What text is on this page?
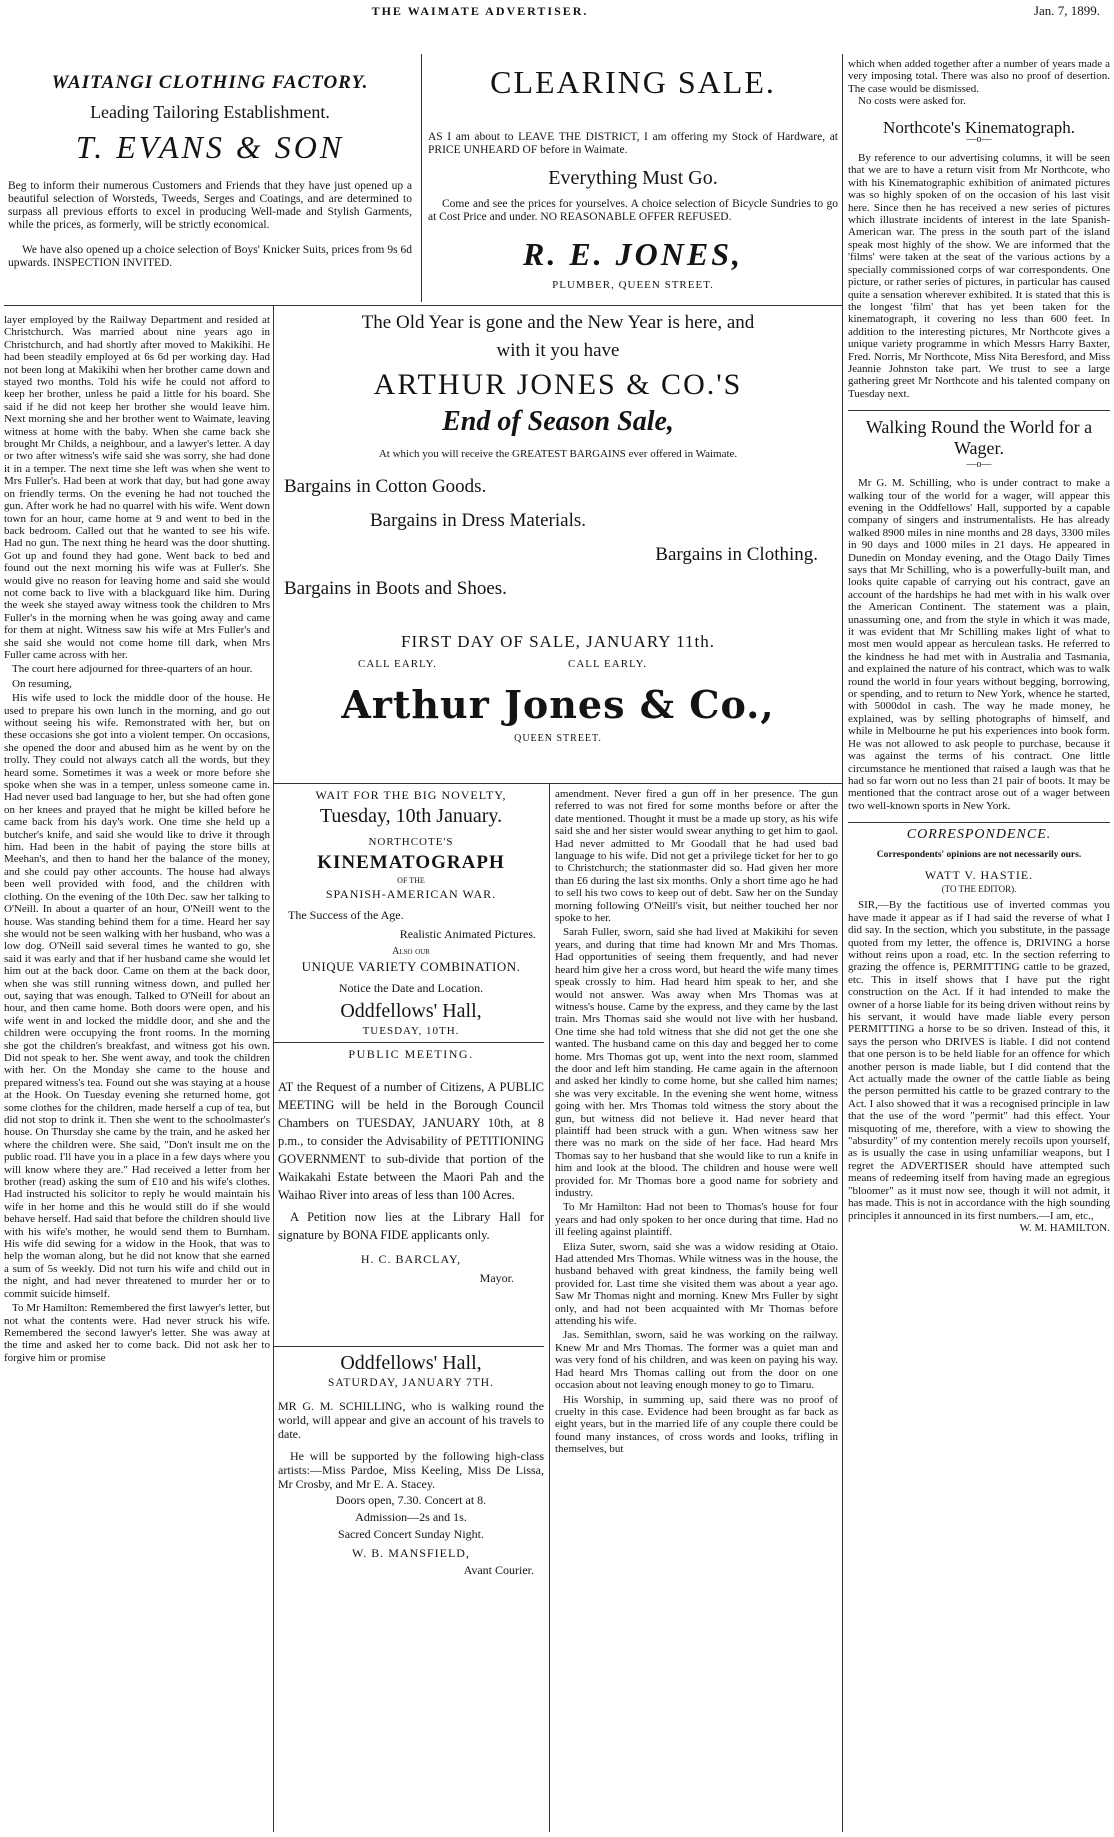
THE WAIMATE ADVERTISER.	Jan. 7, 1899.
WAITANGI CLOTHING FACTORY.
Leading Tailoring Establishment.
T. EVANS & SON
Beg to inform their numerous Customers and Friends that they have just opened up a beautiful selection of Worsteds, Tweeds, Serges and Coatings, and are determined to surpass all previous efforts to excel in producing Well-made and Stylish Garments, while the prices, as formerly, will be strictly economical.
We have also opened up a choice selection of Boys' Knicker Suits, prices from 9s 6d upwards. INSPECTION INVITED.
CLEARING SALE.
AS I am about to LEAVE THE DISTRICT, I am offering my Stock of Hardware, at PRICE UNHEARD OF before in Waimate.
Everything Must Go.
Come and see the prices for yourselves. A choice selection of Bicycle Sundries to go at Cost Price and under. NO REASONABLE OFFER REFUSED.
R. E. JONES,
PLUMBER, QUEEN STREET.
which when added together after a number of years made a very imposing total. There was also no proof of desertion. The case would be dismissed.
No costs were asked for.
Northcote's Kinematograph.
—o—
By reference to our advertising columns, it will be seen that we are to have a return visit from Mr Northcote, who with his Kinematographic exhibition of animated pictures was so highly spoken of on the occasion of his last visit here. Since then he has received a new series of pictures which illustrate incidents of interest in the late Spanish-American war. The press in the south part of the island speak most highly of the show. We are informed that the 'films' were taken at the seat of the various actions by a specially commissioned corps of war correspondents. One picture, or rather series of pictures, in particular has caused quite a sensation wherever exhibited. It is stated that this is the longest 'film' that has yet been taken for the kinematograph, it covering no less than 600 feet. In addition to the interesting pictures, Mr Northcote gives a unique variety programme in which Messrs Harry Baxter, Fred. Norris, Mr Northcote, Miss Nita Beresford, and Miss Jeannie Johnston take part. We trust to see a large gathering greet Mr Northcote and his talented company on Tuesday next.
Walking Round the World for a Wager.
—o—
Mr G. M. Schilling, who is under contract to make a walking tour of the world for a wager, will appear this evening in the Oddfellows' Hall, supported by a capable company of singers and instrumentalists. He has already walked 8900 miles in nine months and 28 days, 3300 miles in 90 days and 1000 miles in 21 days. He appeared in Dunedin on Monday evening, and the Otago Daily Times says that Mr Schilling, who is a powerfully-built man, and looks quite capable of carrying out his contract, gave an account of the hardships he had met with in his walk over the American Continent. The statement was a plain, unassuming one, and from the style in which it was made, it was evident that Mr Schilling makes light of what to most men would appear as herculean tasks. He referred to the kindness he had met with in Australia and Tasmania, and explained the nature of his contract, which was to walk round the world in four years without begging, borrowing, or spending, and to return to New York, whence he started, with 5000dol in cash. The way he made money, he explained, was by selling photographs of himself, and while in Melbourne he put his experiences into book form. He was not allowed to ask people to purchase, because it was against the terms of his contract. One little circumstance he mentioned that raised a laugh was that he had so far worn out no less than 21 pair of boots. It may be mentioned that the contract arose out of a wager between two well-known sports in New York.
CORRESPONDENCE.
Correspondents' opinions are not necessarily ours.
WATT V. HASTIE.
(TO THE EDITOR).
SIR,—By the factitious use of inverted commas you have made it appear as if I had said the reverse of what I did say. In the section, which you substitute, in the passage quoted from my letter, the offence is, DRIVING a horse without reins upon a road, etc. In the section referring to grazing the offence is, PERMITTING cattle to be grazed, etc. This in itself shows that I have put the right construction on the Act. If it had intended to make the owner of a horse liable for its being driven without reins by his servant, it would have made liable every person PERMITTING a horse to be so driven. Instead of this, it says the person who DRIVES is liable. I did not contend that one person is to be held liable for an offence for which another person is made liable, but I did contend that the Act actually made the owner of the cattle liable as being the person permitted his cattle to be grazed contrary to the Act. I also showed that it was a recognised principle in law that the use of the word "permit" had this effect. Your misquoting of me, therefore, with a view to showing the "absurdity" of my contention merely recoils upon yourself, as is usually the case in using unfamiliar weapons, but I regret the ADVERTISER should have attempted such means of redeeming itself from having made an egregious "bloomer" as it must now see, though it will not admit, it has made. This is not in accordance with the high sounding principles it announced in its first numbers.—I am, etc.,
W. M. HAMILTON.

layer employed by the Railway Department and resided at Christchurch. Was married about nine years ago in Christchurch, and had shortly after moved to Makikihi. He had been steadily employed at 6s 6d per working day. Had not been long at Makikihi when her brother came down and stayed two months. Told his wife he could not afford to keep her brother, unless he paid a little for his board. She said if he did not keep her brother she would leave him. Next morning she and her brother went to Waimate, leaving witness at home with the baby. When she came back she brought Mr Childs, a neighbour, and a lawyer's letter. A day or two after witness's wife said she was sorry, she had done it in a temper. The next time she left was when she went to Mrs Fuller's. Had been at work that day, but had gone away on friendly terms. On the evening he had not touched the gun. After work he had no quarrel with his wife. Went down town for an hour, came home at 9 and went to bed in the back bedroom. Called out that he wanted to see his wife. Had no gun. The next thing he heard was the door shutting. Got up and found they had gone. Went back to bed and found out the next morning his wife was at Fuller's. She would give no reason for leaving home and said she would not come back to live with a blackguard like him. During the week she stayed away witness took the children to Mrs Fuller's in the morning when he was going away and came for them at night. Witness saw his wife at Mrs Fuller's and she said she would not come home till dark, when Mrs Fuller came across with her.

The court here adjourned for three-quarters of an hour.

On resuming,

His wife used to lock the middle door of the house. He used to prepare his own lunch in the morning, and go out without seeing his wife. Remonstrated with her, but on these occasions she got into a violent temper. On occasions, she opened the door and abused him as he went by on the trolly. They could not always catch all the words, but they heard some. Sometimes it was a week or more before she spoke when she was in a temper, unless someone came in. Had never used bad language to her, but she had often gone on her knees and prayed that he might be killed before he came back from his day's work. One time she held up a butcher's knife, and said she would like to drive it through him. Had been in the habit of paying the store bills at Meehan's, and then to hand her the balance of the money, and she could pay other accounts. The house had always been well provided with food, and the children with clothing. On the evening of the 10th Dec. saw her talking to O'Neill. In about a quarter of an hour, O'Neill went to the house. Was standing behind them for a time. Heard her say she would not be seen walking with her husband, who was a low dog. O'Neill said several times he wanted to go, she said it was early and that if her husband came she would let him out at the back door. Came on them at the back door, when she was still running witness down, and pulled her out, saying that was enough. Talked to O'Neill for about an hour, and then came home. Both doors were open, and his wife went in and locked the middle door, and she and the children were occupying the front rooms. In the morning she got the children's breakfast, and witness got his own. Did not speak to her. She went away, and took the children with her. On the Monday she came to the house and prepared witness's tea. Found out she was staying at a house at the Hook. On Tuesday evening she returned home, got some clothes for the children, made herself a cup of tea, but did not stop to drink it. Then she went to the schoolmaster's house. On Thursday she came by the train, and he asked her where the children were. She said, "Don't insult me on the public road. I'll have you in a place in a few days where you will know where they are." Had received a letter from her brother (read) asking the sum of £10 and his wife's clothes. Had instructed his solicitor to reply he would maintain his wife in her home and this he would still do if she would behave herself. Had said that before the children should live with his wife's mother, he would send them to Burnham. His wife did sewing for a widow in the Hook, that was to help the woman along, but he did not know that she earned a sum of 5s weekly. Did not turn his wife and child out in the night, and had never threatened to murder her or to commit suicide himself.

To Mr Hamilton: Remembered the first lawyer's letter, but not what the contents were. Had never struck his wife. Remembered the second lawyer's letter. She was away at the time and asked her to come back. Did not ask her to forgive him or promise

The Old Year is gone and the New Year is here, and
with it you have
ARTHUR JONES & CO.'S
End of Season Sale,
At which you will receive the GREATEST BARGAINS ever offered in Waimate.
Bargains in Cotton Goods.
Bargains in Dress Materials.
Bargains in Clothing.
Bargains in Boots and Shoes.
FIRST DAY OF SALE, JANUARY 11th.
CALL EARLY.	CALL EARLY.
Arthur Jones & Co.,
QUEEN STREET.
WAIT FOR THE BIG NOVELTY,
Tuesday, 10th January.
NORTHCOTE'S
KINEMATOGRAPH
OF THE
SPANISH-AMERICAN WAR.
The Success of the Age.
Realistic Animated Pictures.
Also our
UNIQUE VARIETY COMBINATION.
Notice the Date and Location.
Oddfellows' Hall,
TUESDAY, 10TH.
PUBLIC MEETING.
AT the Request of a number of Citizens, A PUBLIC MEETING will be held in the Borough Council Chambers on TUESDAY, JANUARY 10th, at 8 p.m., to consider the Advisability of PETITIONING GOVERNMENT to sub-divide that portion of the Waikakahi Estate between the Maori Pah and the Waihao River into areas of less than 100 Acres.
A Petition now lies at the Library Hall for signature by BONA FIDE applicants only.
H. C. BARCLAY,
Mayor.
Oddfellows' Hall,
SATURDAY, JANUARY 7TH.
MR G. M. SCHILLING, who is walking round the world, will appear and give an account of his travels to date.
He will be supported by the following high-class artists:—Miss Pardoe, Miss Keeling, Miss De Lissa, Mr Crosby, and Mr E. A. Stacey.
Doors open, 7.30. Concert at 8.
Admission—2s and 1s.
Sacred Concert Sunday Night.
W. B. MANSFIELD,
Avant Courier.

amendment. Never fired a gun off in her presence. The gun referred to was not fired for some months before or after the date mentioned. Thought it must be a made up story, as his wife said she and her sister would swear anything to get him to gaol. Had never admitted to Mr Goodall that he had used bad language to his wife. Did not get a privilege ticket for her to go to Christchurch; the stationmaster did so. Had given her more than £6 during the last six months. Only a short time ago he had to sell his two cows to keep out of debt. Saw her on the Sunday morning following O'Neill's visit, but neither touched her nor spoke to her.

Sarah Fuller, sworn, said she had lived at Makikihi for seven years, and during that time had known Mr and Mrs Thomas. Had opportunities of seeing them frequently, and had never heard him give her a cross word, but heard the wife many times speak crossly to him. Had heard him speak to her, and she would not answer. Was away when Mrs Thomas was at witness's house. Came by the express, and they came by the last train. Mrs Thomas said she would not live with her husband. One time she had told witness that she did not get the one she wanted. The husband came on this day and begged her to come home. Mrs Thomas got up, went into the next room, slammed the door and left him standing. He came again in the afternoon and asked her kindly to come home, but she called him names; she was very excitable. In the evening she went home, witness going with her. Mrs Thomas told witness the story about the gun, but witness did not believe it. Had never heard that plaintiff had been struck with a gun. When witness saw her there was no mark on the side of her face. Had heard Mrs Thomas say to her husband that she would like to run a knife in him and look at the blood. The children and house were well provided for. Mr Thomas bore a good name for sobriety and industry.

To Mr Hamilton: Had not been to Thomas's house for four years and had only spoken to her once during that time. Had no ill feeling against plaintiff.

Eliza Suter, sworn, said she was a widow residing at Otaio. Had attended Mrs Thomas. While witness was in the house, the husband behaved with great kindness, the family being well provided for. Last time she visited them was about a year ago. Saw Mr Thomas night and morning. Knew Mrs Fuller by sight only, and had not been acquainted with Mr Thomas before attending his wife.

Jas. Semithlan, sworn, said he was working on the railway. Knew Mr and Mrs Thomas. The former was a quiet man and was very fond of his children, and was keen on paying his way. Had heard Mrs Thomas calling out from the door on one occasion about not leaving enough money to go to Timaru.

His Worship, in summing up, said there was no proof of cruelty in this case. Evidence had been brought as far back as eight years, but in the married life of any couple there could be found many instances, of cross words and looks, trifling in themselves, but
